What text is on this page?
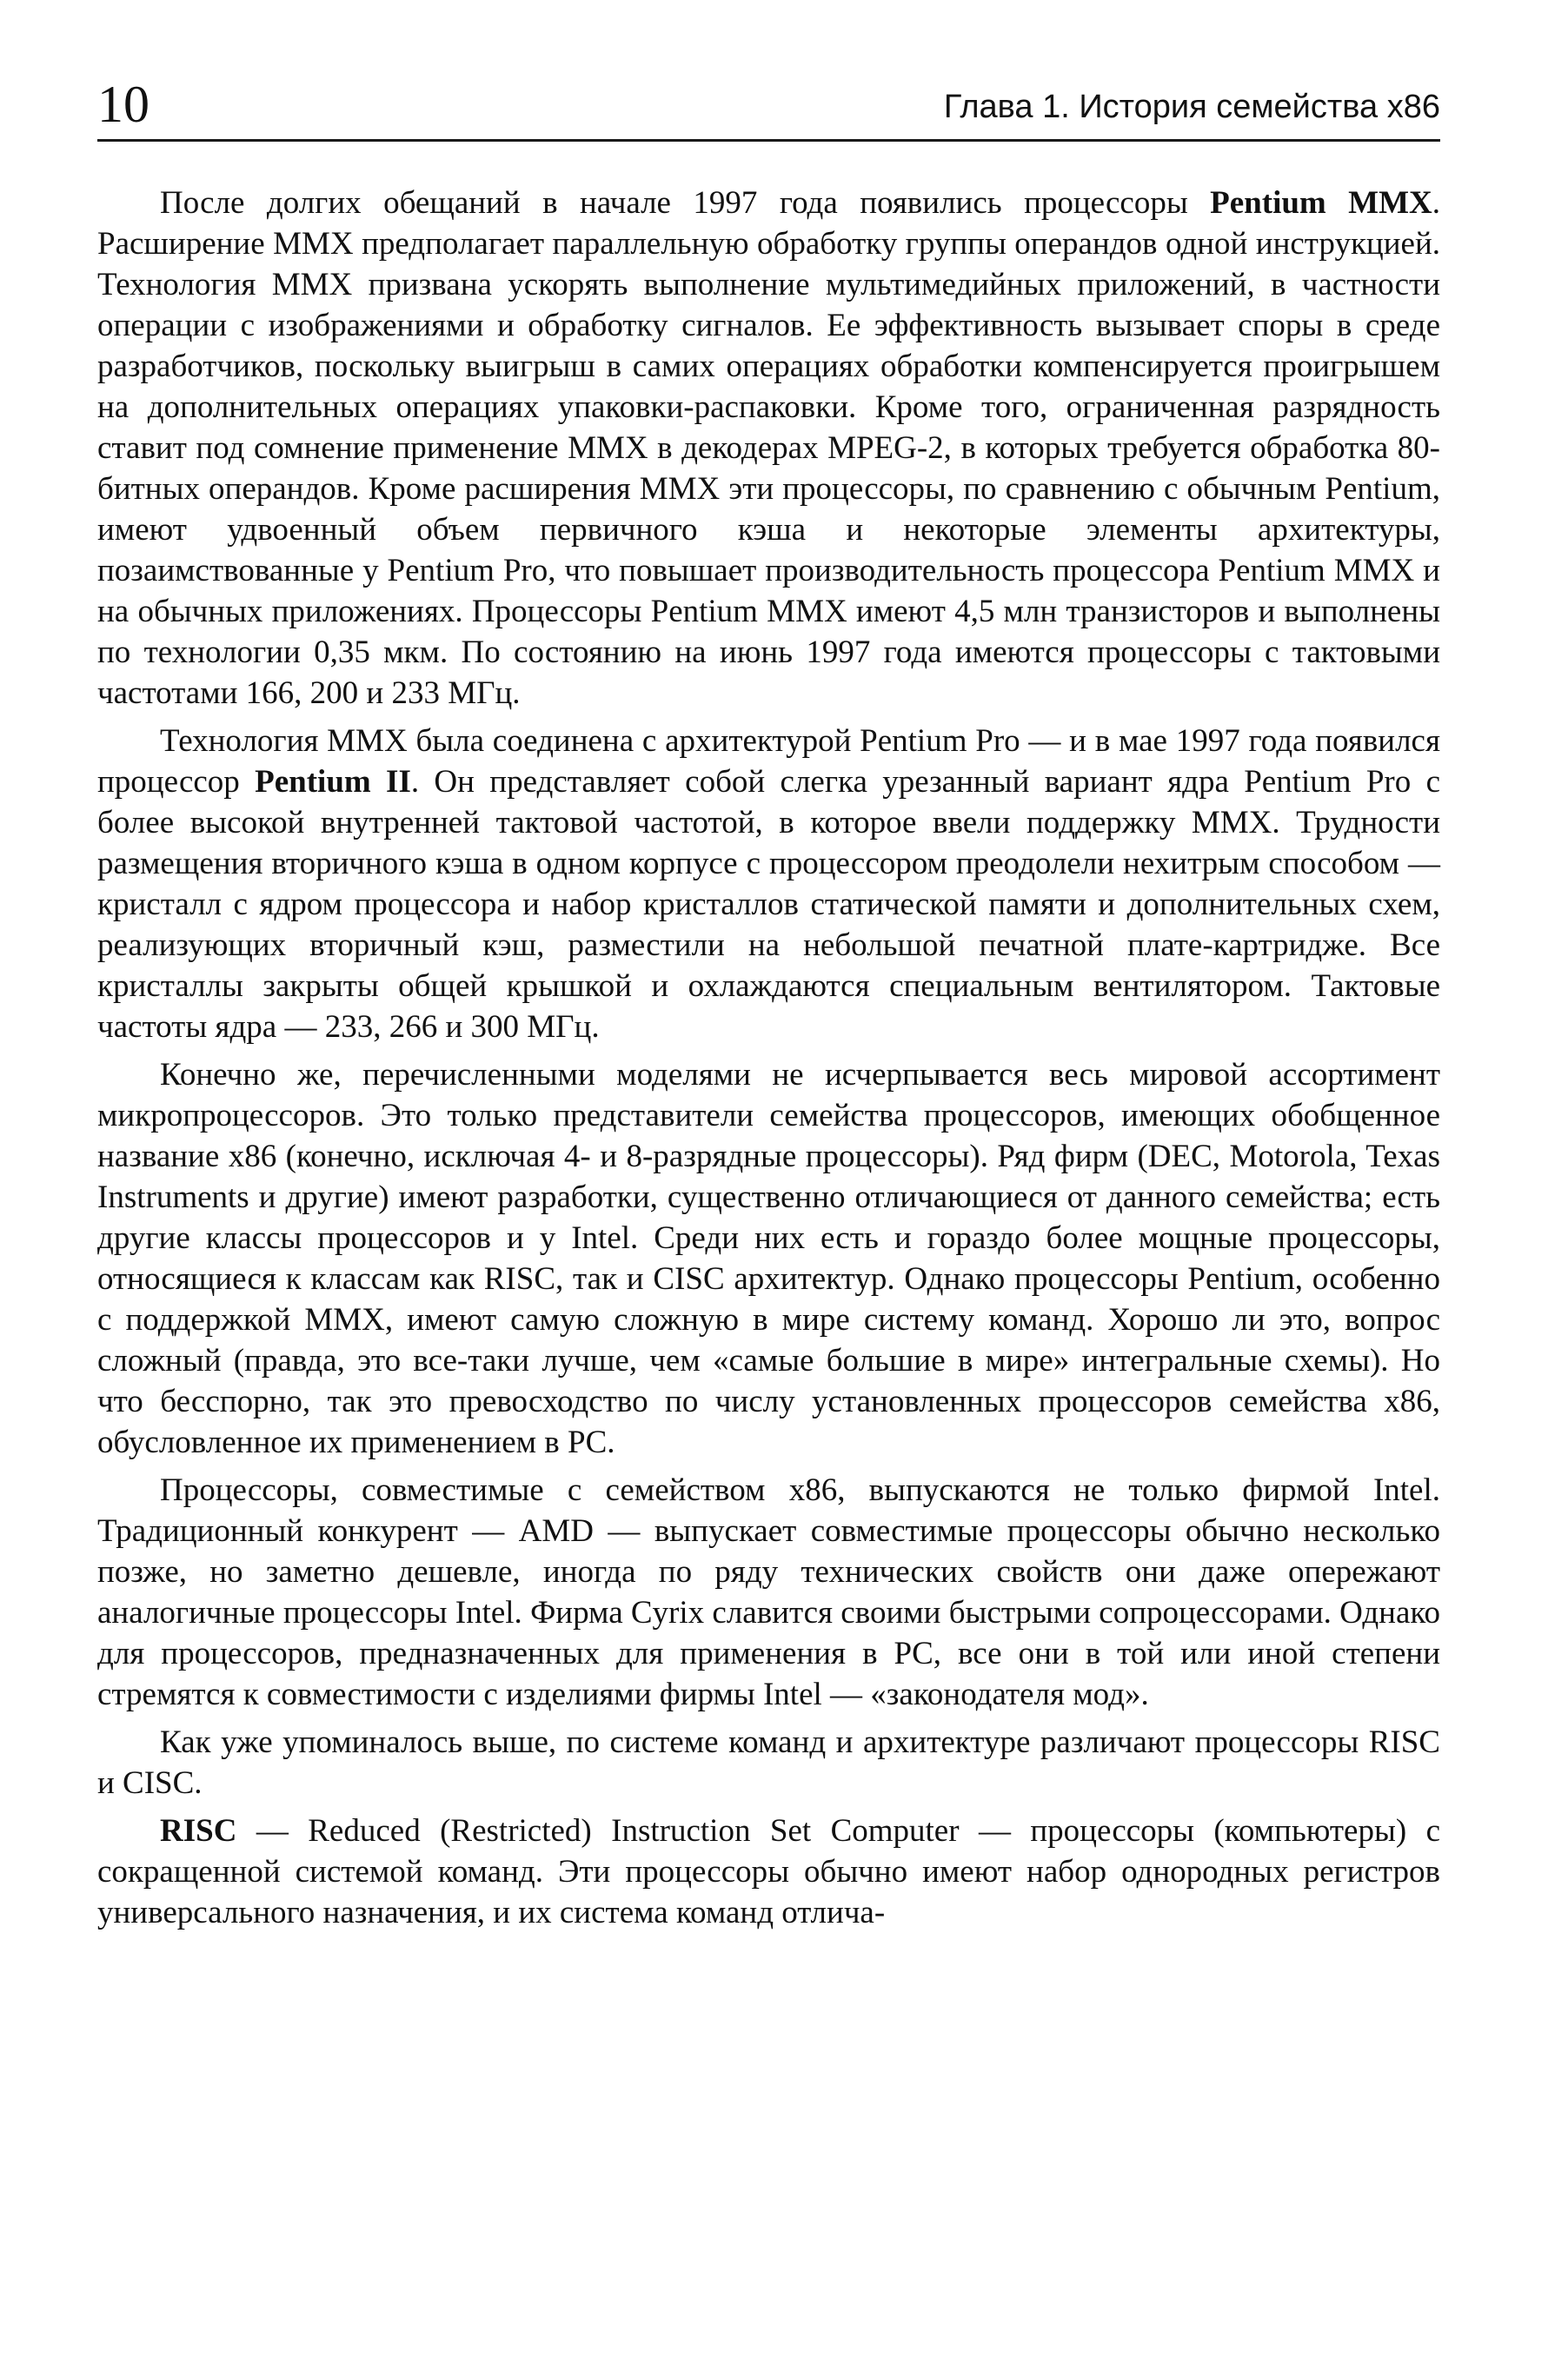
10	Глава 1. История семейства x86

После долгих обещаний в начале 1997 года появились процессоры Pentium MMX. Расширение MMX предполагает параллельную обработку группы операндов одной инструкцией. Технология MMX призвана ускорять выполнение мультимедийных приложений, в частности операции с изображениями и обработку сигналов. Ее эффективность вызывает споры в среде разработчиков, поскольку выигрыш в самих операциях обработки компенсируется проигрышем на дополнительных операциях упаковки-распаковки. Кроме того, ограниченная разрядность ставит под сомнение применение MMX в декодерах MPEG-2, в которых требуется обработка 80-битных операндов. Кроме расширения MMX эти процессоры, по сравнению с обычным Pentium, имеют удвоенный объем первичного кэша и некоторые элементы архитектуры, позаимствованные у Pentium Pro, что повышает производительность процессора Pentium MMX и на обычных приложениях. Процессоры Pentium MMX имеют 4,5 млн транзисторов и выполнены по технологии 0,35 мкм. По состоянию на июнь 1997 года имеются процессоры с тактовыми частотами 166, 200 и 233 МГц.

Технология MMX была соединена с архитектурой Pentium Pro — и в мае 1997 года появился процессор Pentium II. Он представляет собой слегка урезанный вариант ядра Pentium Pro с более высокой внутренней тактовой частотой, в которое ввели поддержку MMX. Трудности размещения вторичного кэша в одном корпусе с процессором преодолели нехитрым способом — кристалл с ядром процессора и набор кристаллов статической памяти и дополнительных схем, реализующих вторичный кэш, разместили на небольшой печатной плате-картридже. Все кристаллы закрыты общей крышкой и охлаждаются специальным вентилятором. Тактовые частоты ядра — 233, 266 и 300 МГц.

Конечно же, перечисленными моделями не исчерпывается весь мировой ассортимент микропроцессоров. Это только представители семейства процессоров, имеющих обобщенное название x86 (конечно, исключая 4- и 8-разрядные процессоры). Ряд фирм (DEC, Motorola, Texas Instruments и другие) имеют разработки, существенно отличающиеся от данного семейства; есть другие классы процессоров и у Intel. Среди них есть и гораздо более мощные процессоры, относящиеся к классам как RISC, так и CISC архитектур. Однако процессоры Pentium, особенно с поддержкой MMX, имеют самую сложную в мире систему команд. Хорошо ли это, вопрос сложный (правда, это все-таки лучше, чем «самые большие в мире» интегральные схемы). Но что бесспорно, так это превосходство по числу установленных процессоров семейства x86, обусловленное их применением в PC.

Процессоры, совместимые с семейством x86, выпускаются не только фирмой Intel. Традиционный конкурент — AMD — выпускает совместимые процессоры обычно несколько позже, но заметно дешевле, иногда по ряду технических свойств они даже опережают аналогичные процессоры Intel. Фирма Cyrix славится своими быстрыми сопроцессорами. Однако для процессоров, предназначенных для применения в PC, все они в той или иной степени стремятся к совместимости с изделиями фирмы Intel — «законодателя мод».

Как уже упоминалось выше, по системе команд и архитектуре различают процессоры RISC и CISC.

RISC — Reduced (Restricted) Instruction Set Computer — процессоры (компьютеры) с сокращенной системой команд. Эти процессоры обычно имеют набор однородных регистров универсального назначения, и их система команд отлича-
